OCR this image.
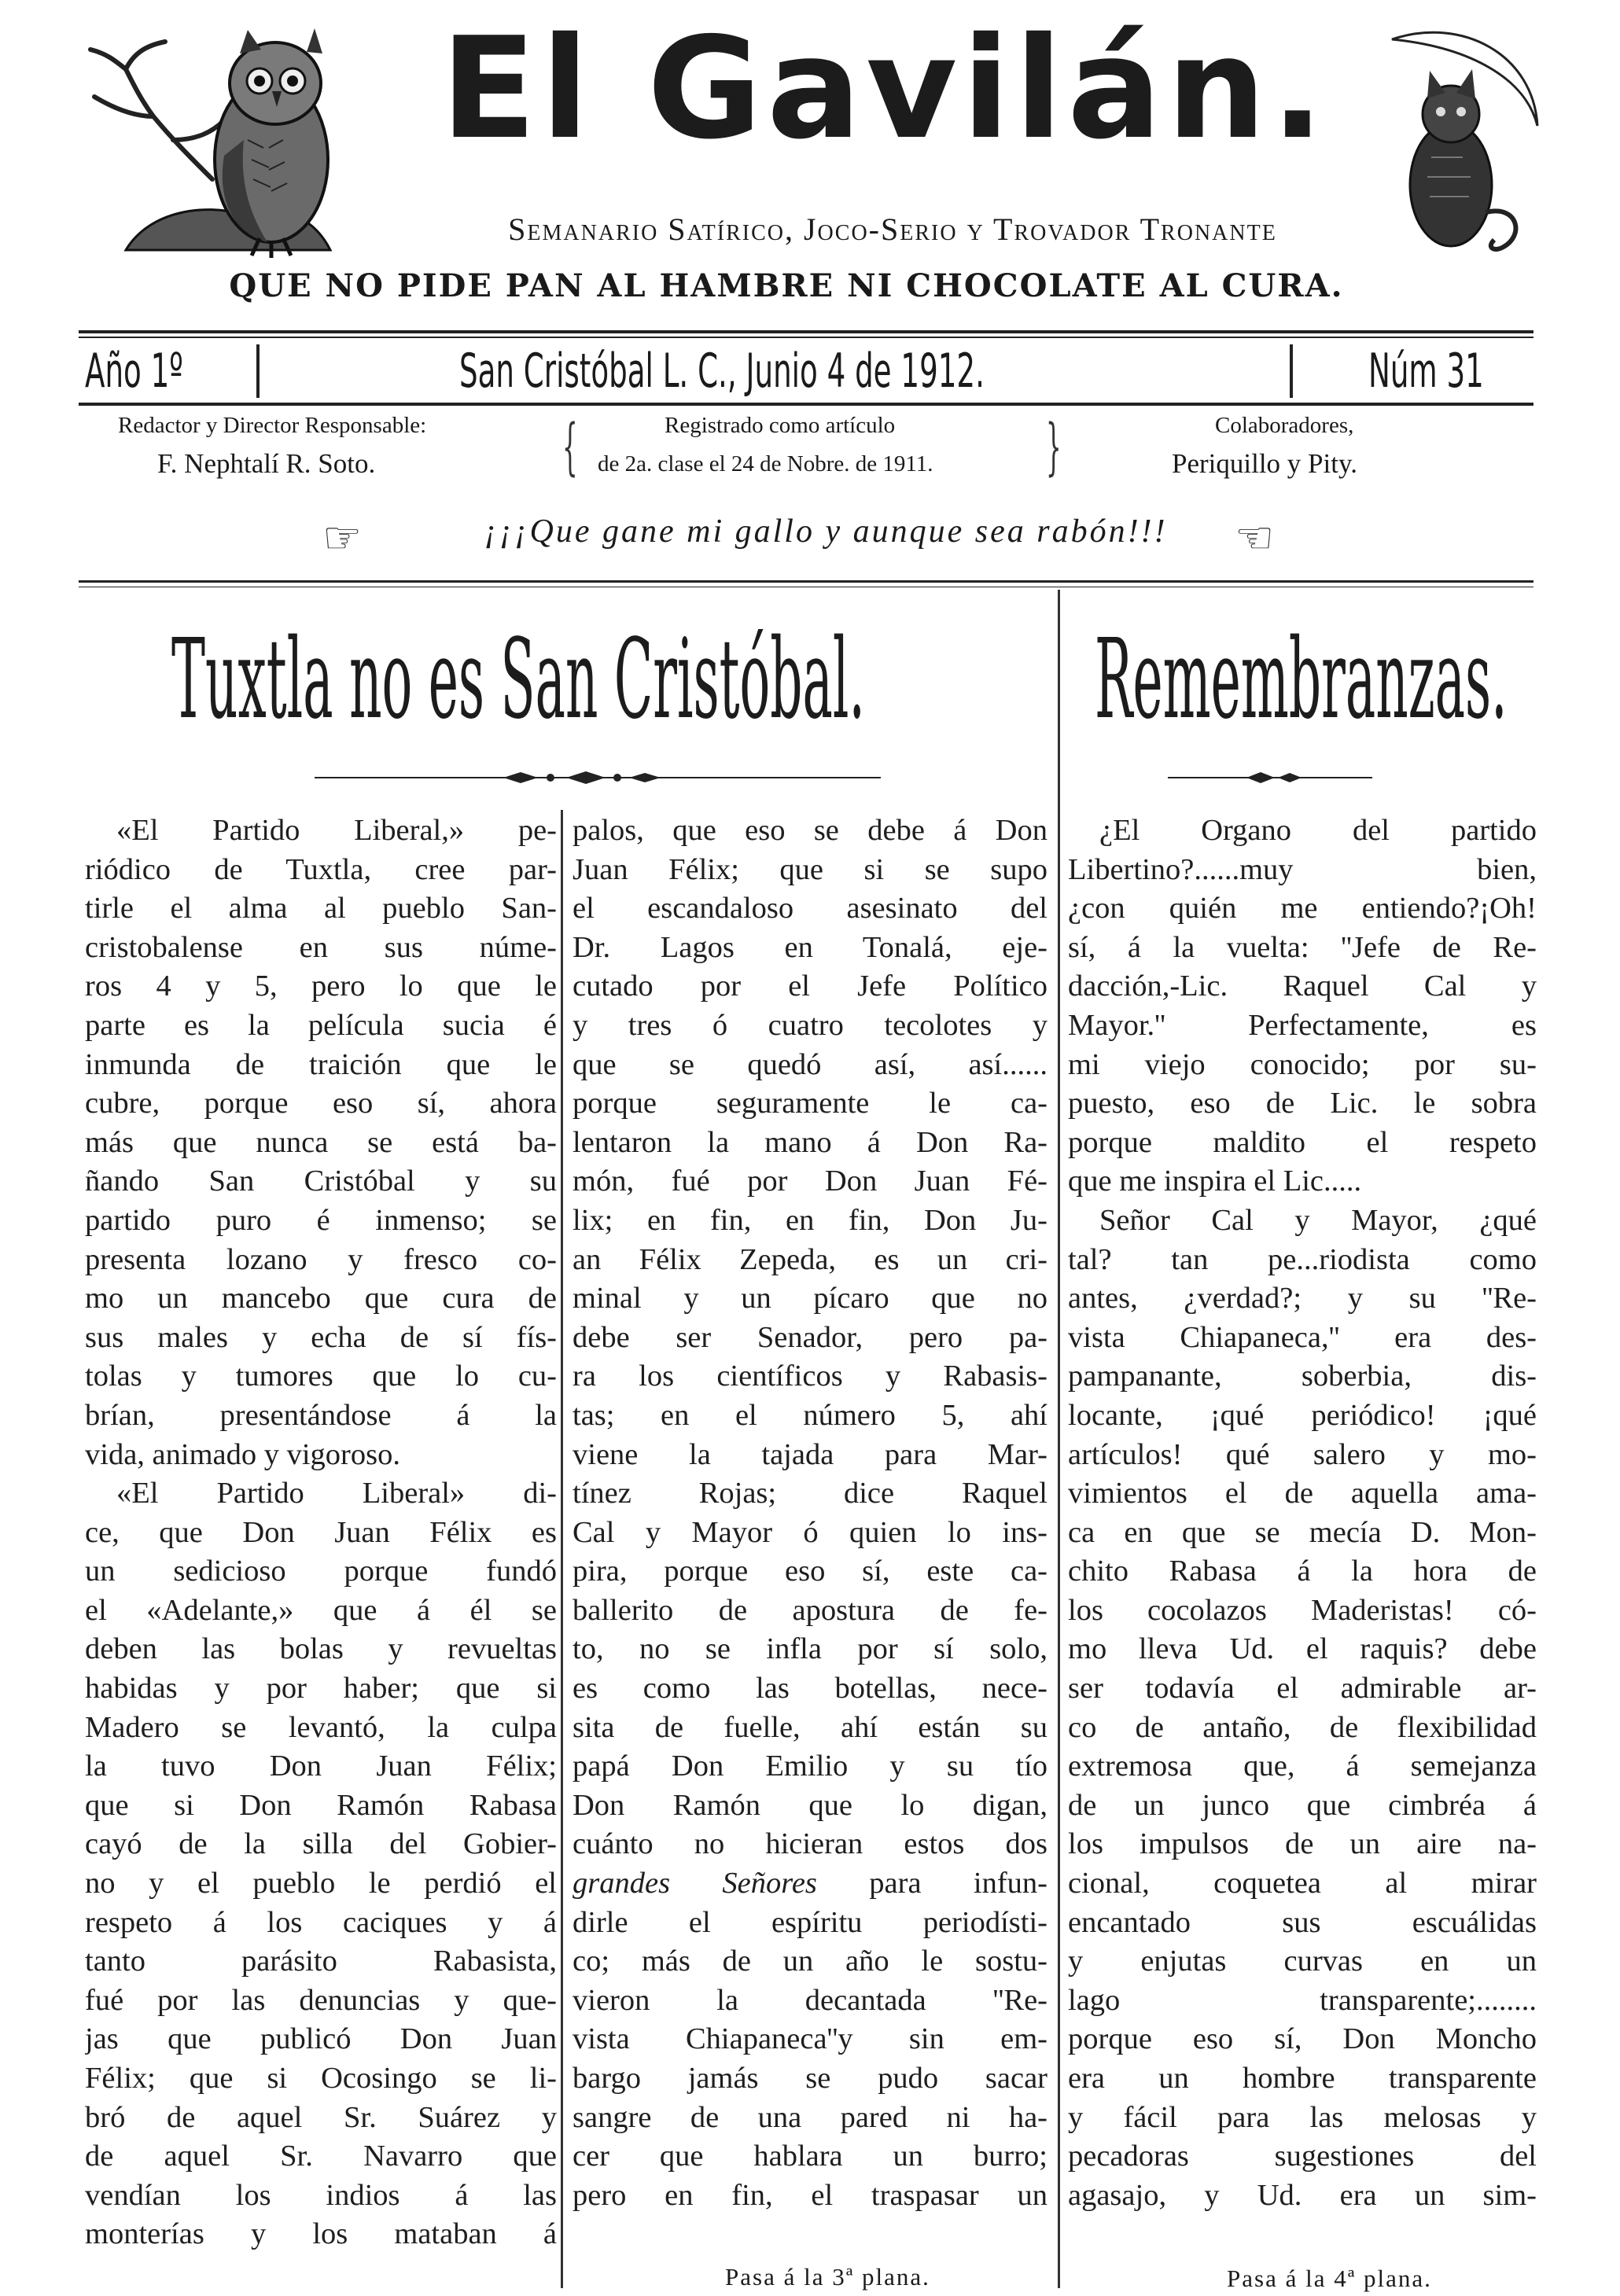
El Gavilán.
Semanario Satírico, Joco-Serio y Trovador Tronante
QUE NO PIDE PAN AL HAMBRE NI CHOCOLATE AL CURA.
Año 1º	San Cristóbal L. C., Junio 4 de 1912.	Núm 31
Redactor y Director Responsable:
F. Nephtalí R. Soto.	{	Registrado como artículo
de 2a. clase el 24 de Nobre. de 1911. }	Colaboradores,
Periquillo y Pity.
☞	¡¡¡Que gane mi gallo y aunque sea rabón!!!	☜
Tuxtla no es San Cristóbal. Remembranzas.
«El Partido Liberal,» pe-
riódico de Tuxtla, cree par-
tirle el alma al pueblo San-
cristobalense en sus núme-
ros 4 y 5, pero lo que le
parte es la película sucia é
inmunda de traición que le
cubre, porque eso sí, ahora
más que nunca se está ba-
ñando San Cristóbal y su
partido puro é inmenso; se
presenta lozano y fresco co-
mo un mancebo que cura de
sus males y echa de sí fís-
tolas y tumores que lo cu-
brían, presentándose á la
vida, animado y vigoroso.
«El Partido Liberal» di-
ce, que Don Juan Félix es
un sedicioso porque fundó
el «Adelante,» que á él se
deben las bolas y revueltas
habidas y por haber; que si
Madero se levantó, la culpa
la tuvo Don Juan Félix;
que si Don Ramón Rabasa
cayó de la silla del Gobier-
no y el pueblo le perdió el
respeto á los caciques y á
tanto parásito Rabasista,
fué por las denuncias y que-
jas que publicó Don Juan
Félix; que si Ocosingo se li-
bró de aquel Sr. Suárez y
de aquel Sr. Navarro que
vendían los indios á las
monterías y los mataban á
palos, que eso se debe á Don
Juan Félix; que si se supo
el escandaloso asesinato del
Dr. Lagos en Tonalá, eje-
cutado por el Jefe Político
y tres ó cuatro tecolotes y
que se quedó así, así......
porque seguramente le ca-
lentaron la mano á Don Ra-
món, fué por Don Juan Fé-
lix; en fin, en fin, Don Ju-
an Félix Zepeda, es un cri-
minal y un pícaro que no
debe ser Senador, pero pa-
ra los científicos y Rabasis-
tas; en el número 5, ahí
viene la tajada para Mar-
tínez Rojas; dice Raquel
Cal y Mayor ó quien lo ins-
pira, porque eso sí, este ca-
ballerito de apostura de fe-
to, no se infla por sí solo,
es como las botellas, nece-
sita de fuelle, ahí están su
papá Don Emilio y su tío
Don Ramón que lo digan,
cuánto no hicieran estos dos
grandes Señores para infun-
dirle el espíritu periodísti-
co; más de un año le sostu-
vieron la decantada ''Re-
vista Chiapaneca''y sin em-
bargo jamás se pudo sacar
sangre de una pared ni ha-
cer que hablara un burro;
pero en fin, el traspasar un
Pasa á la 3ª plana.
¿El Organo del partido
Libertino?......muy bien,
¿con quién me entiendo?¡Oh!
sí, á la vuelta: ''Jefe de Re-
dacción,-Lic. Raquel Cal y
Mayor.'' Perfectamente, es
mi viejo conocido; por su-
puesto, eso de Lic. le sobra
porque maldito el respeto
que me inspira el Lic.....
Señor Cal y Mayor, ¿qué
tal? tan pe...riodista como
antes, ¿verdad?; y su ''Re-
vista Chiapaneca,'' era des-
pampanante, soberbia, dis-
locante, ¡qué periódico! ¡qué
artículos! qué salero y mo-
vimientos el de aquella ama-
ca en que se mecía D. Mon-
chito Rabasa á la hora de
los cocolazos Maderistas! có-
mo lleva Ud. el raquis? debe
ser todavía el admirable ar-
co de antaño, de flexibilidad
extremosa que, á semejanza
de un junco que cimbréa á
los impulsos de un aire na-
cional, coquetea al mirar
encantado sus escuálidas
y enjutas curvas en un
lago transparente;........
porque eso sí, Don Moncho
era un hombre transparente
y fácil para las melosas y
pecadoras sugestiones del
agasajo, y Ud. era un sim-
Pasa á la 4ª plana.
